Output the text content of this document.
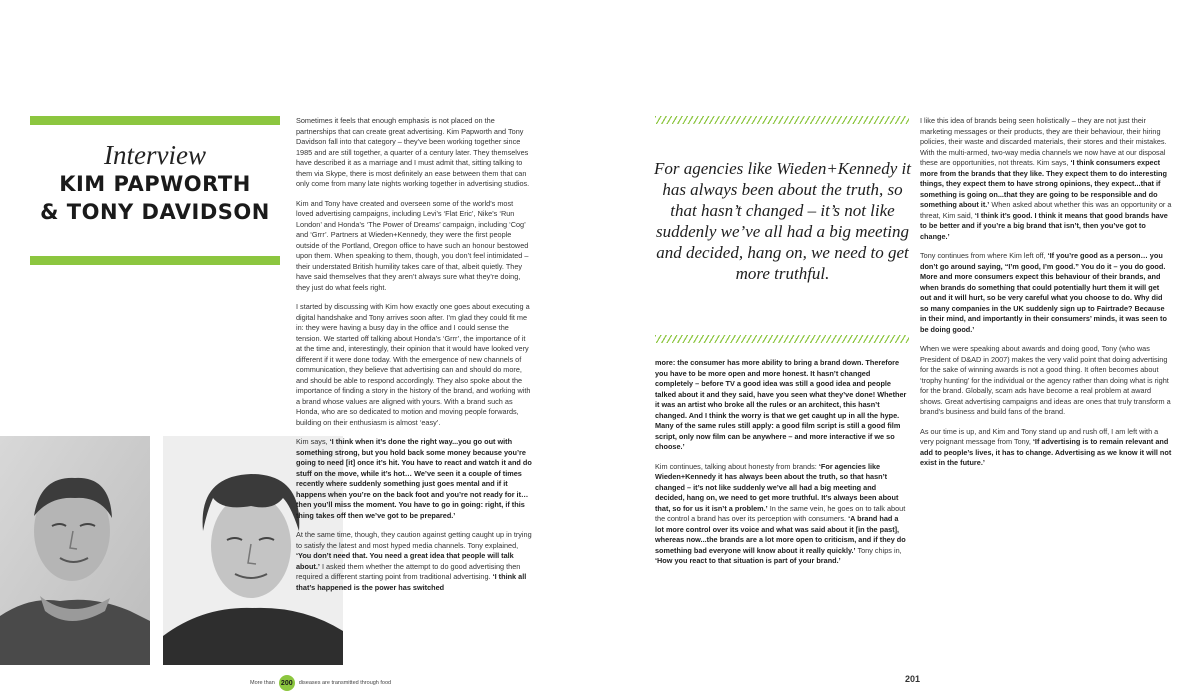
Interview
KIM PAPWORTH
& TONY DAVIDSON

Sometimes it feels that enough emphasis is not placed on the partnerships that can create great advertising. Kim Papworth and Tony Davidson fall into that category – they’ve been working together since 1985 and are still together, a quarter of a century later. They themselves have described it as a marriage and I must admit that, sitting talking to them via Skype, there is most definitely an ease between them that can only come from many late nights working together in advertising studios.

Kim and Tony have created and overseen some of the world’s most loved advertising campaigns, including Levi’s ‘Flat Eric’, Nike’s ‘Run London’ and Honda’s ‘The Power of Dreams’ campaign, including ‘Cog’ and ‘Grrr’. Partners at Wieden+Kennedy, they were the first people outside of the Portland, Oregon office to have such an honour bestowed upon them. When speaking to them, though, you don’t feel intimidated – their understated British humility takes care of that, albeit quietly. They have said themselves that they aren’t always sure what they’re doing, they just do what feels right.

I started by discussing with Kim how exactly one goes about executing a digital handshake and Tony arrives soon after. I’m glad they could fit me in: they were having a busy day in the office and I could sense the tension. We started off talking about Honda’s ‘Grrr’, the importance of it at the time and, interestingly, their opinion that it would have looked very different if it were done today. With the emergence of new channels of communication, they believe that advertising can and should do more, and should be able to respond accordingly. They also spoke about the importance of finding a story in the history of the brand, and working with a brand whose values are aligned with yours. With a brand such as Honda, who are so dedicated to motion and moving people forwards, building on their enthusiasm is almost ‘easy’.

Kim says, ‘I think when it’s done the right way...you go out with something strong, but you hold back some money because you’re going to need [it] once it’s hit. You have to react and watch it and do stuff on the move, while it’s hot… We’ve seen it a couple of times recently where suddenly something just goes mental and if it happens when you’re on the back foot and you’re not ready for it…then you’ll miss the moment. You have to go in going: right, if this thing takes off then we’ve got to be prepared.’

At the same time, though, they caution against getting caught up in trying to satisfy the latest and most hyped media channels. Tony explained, ‘You don’t need that. You need a great idea that people will talk about.’ I asked them whether the attempt to do good advertising then required a different starting point from traditional advertising. ‘I think all that’s happened is the power has switched

For agencies like Wieden+Kennedy it has always been about the truth, so that hasn’t changed – it’s not like suddenly we’ve all had a big meeting and decided, hang on, we need to get more truthful.

more: the consumer has more ability to bring a brand down. Therefore you have to be more open and more honest. It hasn’t changed completely – before TV a good idea was still a good idea and people talked about it and they said, have you seen what they’ve done! Whether it was an artist who broke all the rules or an architect, this hasn’t changed. And I think the worry is that we get caught up in all the hype. Many of the same rules still apply: a good film script is still a good film script, only now film can be anywhere – and more interactive if we so choose.’

Kim continues, talking about honesty from brands: ‘For agencies like Wieden+Kennedy it has always been about the truth, so that hasn’t changed – it’s not like suddenly we’ve all had a big meeting and decided, hang on, we need to get more truthful. It’s always been about that, so for us it isn’t a problem.’ In the same vein, he goes on to talk about the control a brand has over its perception with consumers. ‘A brand had a lot more control over its voice and what was said about it [in the past], whereas now...the brands are a lot more open to criticism, and if they do something bad everyone will know about it really quickly.’ Tony chips in, ‘How you react to that situation is part of your brand.’

I like this idea of brands being seen holistically – they are not just their marketing messages or their products, they are their behaviour, their hiring policies, their waste and discarded materials, their stores and their mistakes. With the multi-armed, two-way media channels we now have at our disposal these are opportunities, not threats. Kim says, ‘I think consumers expect more from the brands that they like. They expect them to do interesting things, they expect them to have strong opinions, they expect...that if something is going on...that they are going to be responsible and do something about it.’ When asked about whether this was an opportunity or a threat, Kim said, ‘I think it’s good. I think it means that good brands have to be better and if you’re a big brand that isn’t, then you’ve got to change.’

Tony continues from where Kim left off, ‘If you’re good as a person… you don’t go around saying, “I’m good, I’m good.” You do it – you do good. More and more consumers expect this behaviour of their brands, and when brands do something that could potentially hurt them it will get out and it will hurt, so be very careful what you choose to do. Why did so many companies in the UK suddenly sign up to Fairtrade? Because in their mind, and importantly in their consumers’ minds, it was seen to be doing good.’

When we were speaking about awards and doing good, Tony (who was President of D&AD in 2007) makes the very valid point that doing advertising for the sake of winning awards is not a good thing. It often becomes about ‘trophy hunting’ for the individual or the agency rather than doing what is right for the brand. Globally, scam ads have become a real problem at award shows. Great advertising campaigns and ideas are ones that truly transform a brand’s business and build fans of the brand.

As our time is up, and Kim and Tony stand up and rush off, I am left with a very poignant message from Tony, ‘If advertising is to remain relevant and add to people’s lives, it has to change. Advertising as we know it will not exist in the future.’

More than 200	diseases are transmitted through food	201
